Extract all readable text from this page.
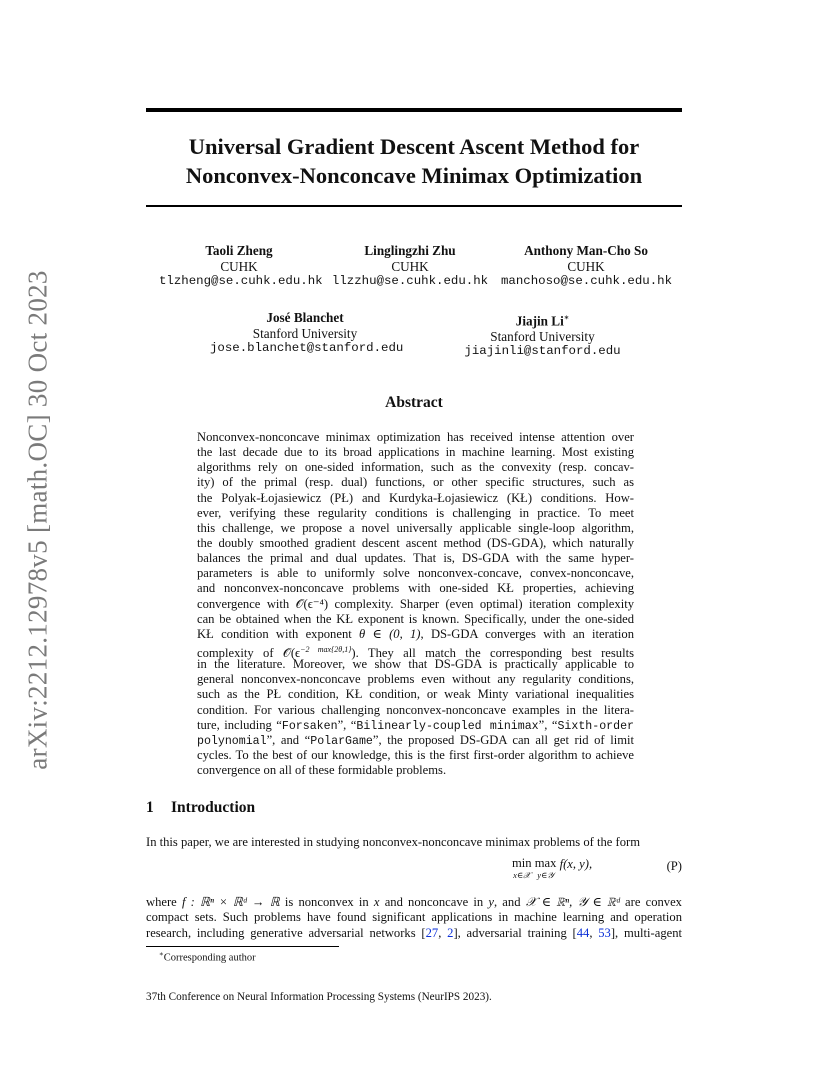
arXiv:2212.12978v5 [math.OC] 30 Oct 2023
Universal Gradient Descent Ascent Method for
Nonconvex-Nonconcave Minimax Optimization
Taoli Zheng
CUHK
tlzheng@se.cuhk.edu.hk
Linglingzhi Zhu
CUHK
llzzhu@se.cuhk.edu.hk
Anthony Man-Cho So
CUHK
manchoso@se.cuhk.edu.hk
José Blanchet
Stanford University
jose.blanchet@stanford.edu
Jiajin Li∗
Stanford University
jiajinli@stanford.edu
Abstract
Nonconvex-nonconcave minimax optimization has received intense attention over
the last decade due to its broad applications in machine learning. Most existing
algorithms rely on one-sided information, such as the convexity (resp. concav-
ity) of the primal (resp. dual) functions, or other specific structures, such as
the Polyak-Łojasiewicz (PŁ) and Kurdyka-Łojasiewicz (KŁ) conditions. How-
ever, verifying these regularity conditions is challenging in practice. To meet
this challenge, we propose a novel universally applicable single-loop algorithm,
the doubly smoothed gradient descent ascent method (DS-GDA), which naturally
balances the primal and dual updates. That is, DS-GDA with the same hyper-
parameters is able to uniformly solve nonconvex-concave, convex-nonconcave,
and nonconvex-nonconcave problems with one-sided KŁ properties, achieving
convergence with 𝒪(ϵ⁻⁴) complexity. Sharper (even optimal) iteration complexity
can be obtained when the KŁ exponent is known. Specifically, under the one-sided
KŁ condition with exponent θ ∈ (0, 1), DS-GDA converges with an iteration
complexity of $𝒪(\epsilon^{-2 max\{2\theta,1\}})$. They all match the corresponding best results
in the literature. Moreover, we show that DS-GDA is practically applicable to
general nonconvex-nonconcave problems even without any regularity conditions,
such as the PŁ condition, KŁ condition, or weak Minty variational inequalities
condition. For various challenging nonconvex-nonconcave examples in the litera-
ture, including “Forsaken”, “Bilinearly-coupled minimax”, “Sixth-order
polynomial”, and “PolarGame”, the proposed DS-GDA can all get rid of limit
cycles. To the best of our knowledge, this is the first first-order algorithm to achieve
convergence on all of these formidable problems.
1 Introduction
In this paper, we are interested in studying nonconvex-nonconcave minimax problems of the form
min
x∈𝒳
max
y∈𝒴
f(x, y),	(P)
where f : ℝⁿ × ℝᵈ → ℝ is nonconvex in x and nonconcave in y, and 𝒳 ∈ ℝⁿ, 𝒴 ∈ ℝᵈ are convex
compact sets. Such problems have found significant applications in machine learning and operation
research, including generative adversarial networks [27, 2], adversarial training [44, 53], multi-agent
∗Corresponding author
37th Conference on Neural Information Processing Systems (NeurIPS 2023).
